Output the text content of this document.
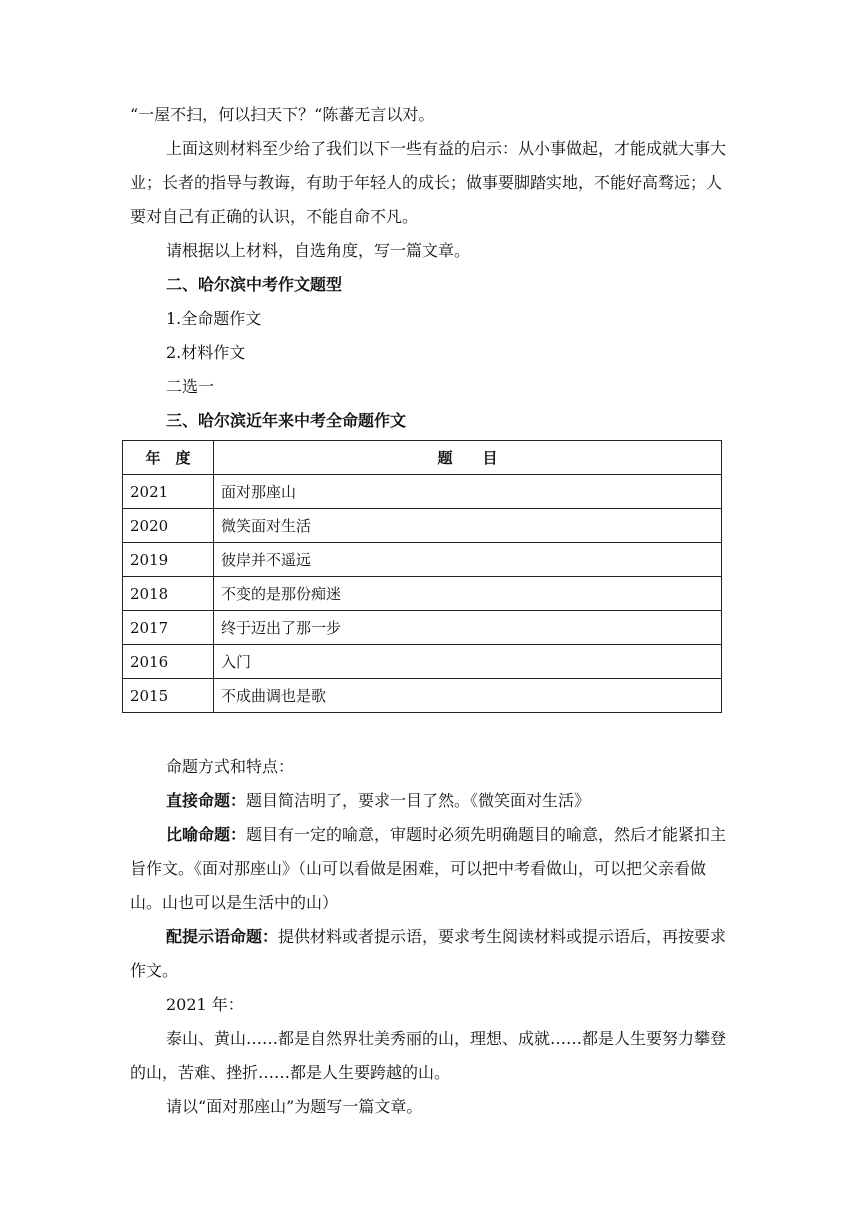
“一屋不扫，何以扫天下？“陈蕃无言以对。

上面这则材料至少给了我们以下一些有益的启示：从小事做起，才能成就大事大业；长者的指导与教诲，有助于年轻人的成长；做事要脚踏实地，不能好高骛远；人要对自己有正确的认识，不能自命不凡。

请根据以上材料，自选角度，写一篇文章。

二、哈尔滨中考作文题型

1.全命题作文

2.材料作文

二选一

三、哈尔滨近年来中考全命题作文

年　度	题　　目
2021	面对那座山
2020	微笑面对生活
2019	彼岸并不遥远
2018	不变的是那份痴迷
2017	终于迈出了那一步
2016	入门
2015	不成曲调也是歌

命题方式和特点：

直接命题：题目简洁明了，要求一目了然。《微笑面对生活》

比喻命题：题目有一定的喻意，审题时必须先明确题目的喻意，然后才能紧扣主旨作文。《面对那座山》（山可以看做是困难，可以把中考看做山，可以把父亲看做山。山也可以是生活中的山）

配提示语命题：提供材料或者提示语，要求考生阅读材料或提示语后，再按要求作文。

2021 年：

泰山、黄山……都是自然界壮美秀丽的山，理想、成就……都是人生要努力攀登的山，苦难、挫折……都是人生要跨越的山。

请以“面对那座山”为题写一篇文章。
